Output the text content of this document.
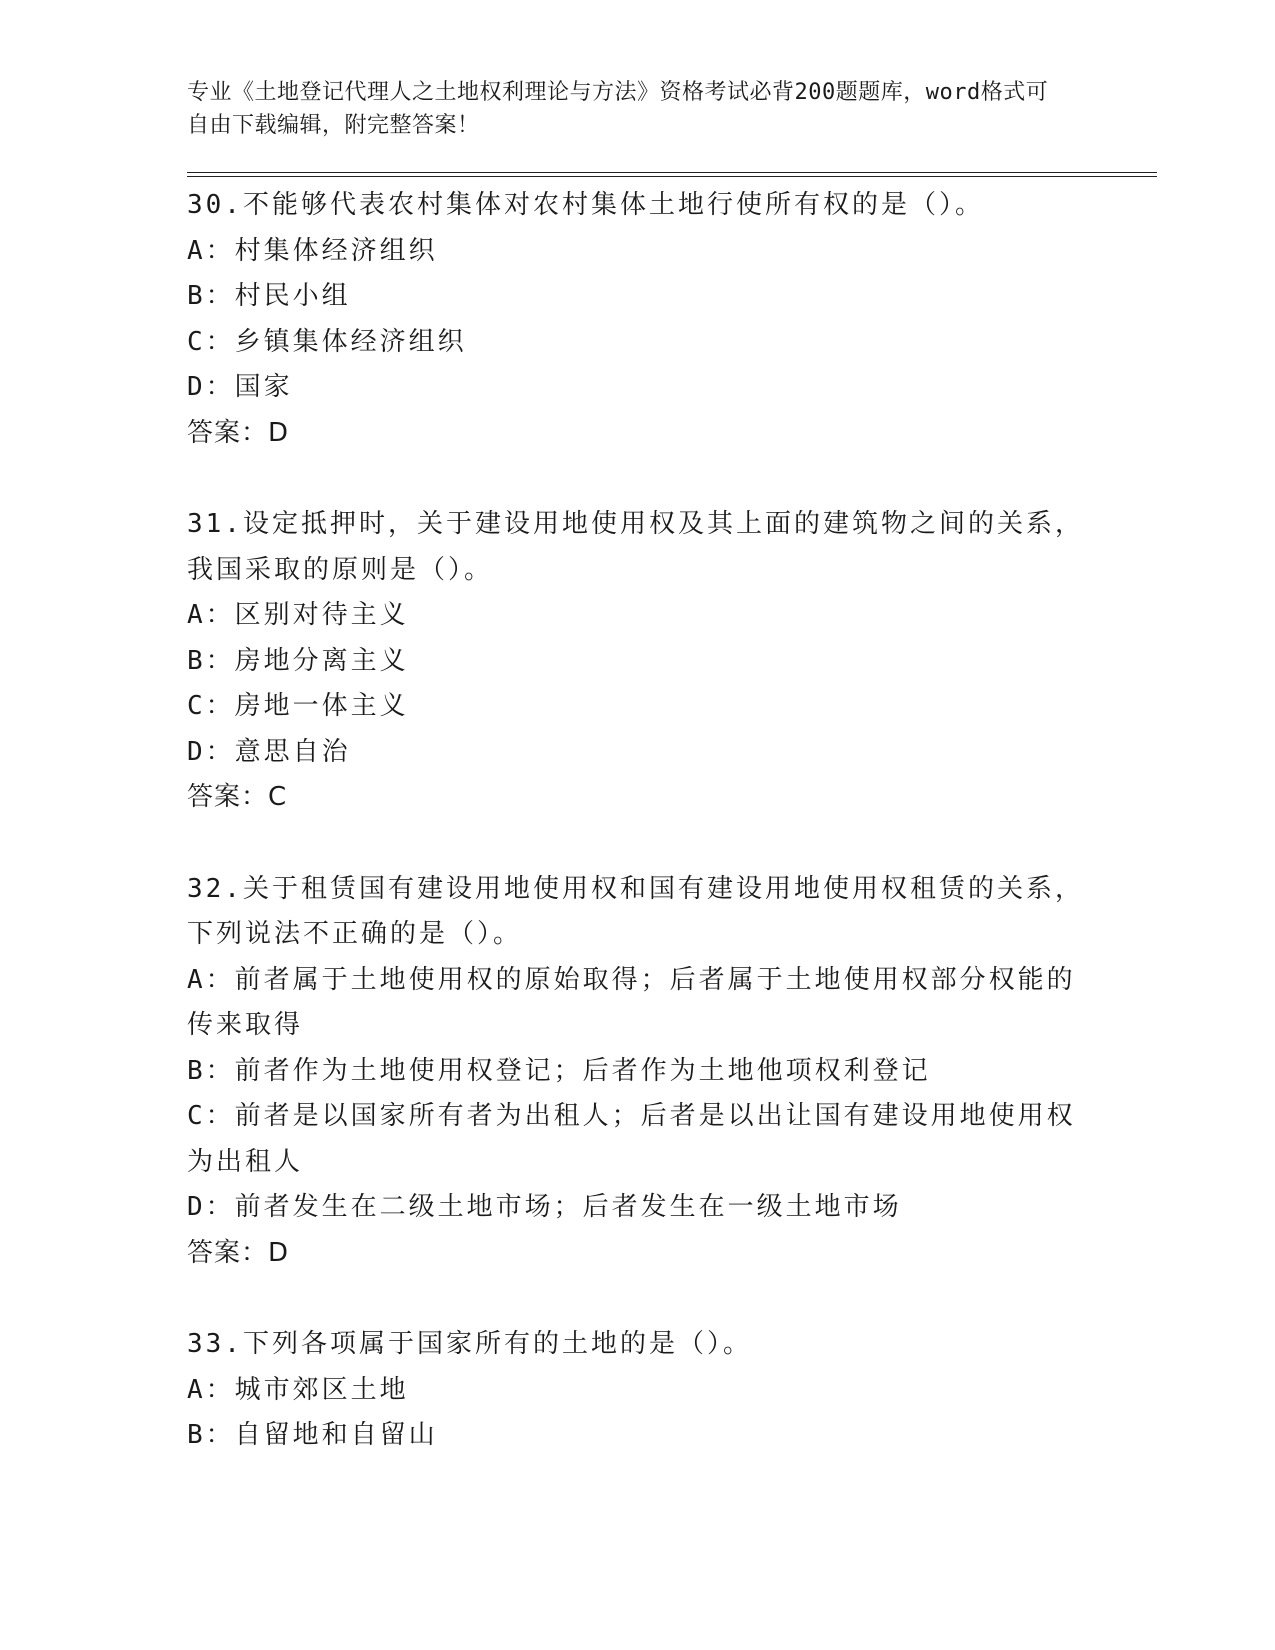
专业《土地登记代理人之土地权利理论与方法》资格考试必背200题题库，word格式可自由下载编辑，附完整答案！
30.不能够代表农村集体对农村集体土地行使所有权的是（）。
A：村集体经济组织
B：村民小组
C：乡镇集体经济组织
D：国家
答案：D
31.设定抵押时，关于建设用地使用权及其上面的建筑物之间的关系，我国采取的原则是（）。
A：区别对待主义
B：房地分离主义
C：房地一体主义
D：意思自治
答案：C
32.关于租赁国有建设用地使用权和国有建设用地使用权租赁的关系，下列说法不正确的是（）。
A：前者属于土地使用权的原始取得；后者属于土地使用权部分权能的传来取得
B：前者作为土地使用权登记；后者作为土地他项权利登记
C：前者是以国家所有者为出租人；后者是以出让国有建设用地使用权为出租人
D：前者发生在二级土地市场；后者发生在一级土地市场
答案：D
33.下列各项属于国家所有的土地的是（）。
A：城市郊区土地
B：自留地和自留山
